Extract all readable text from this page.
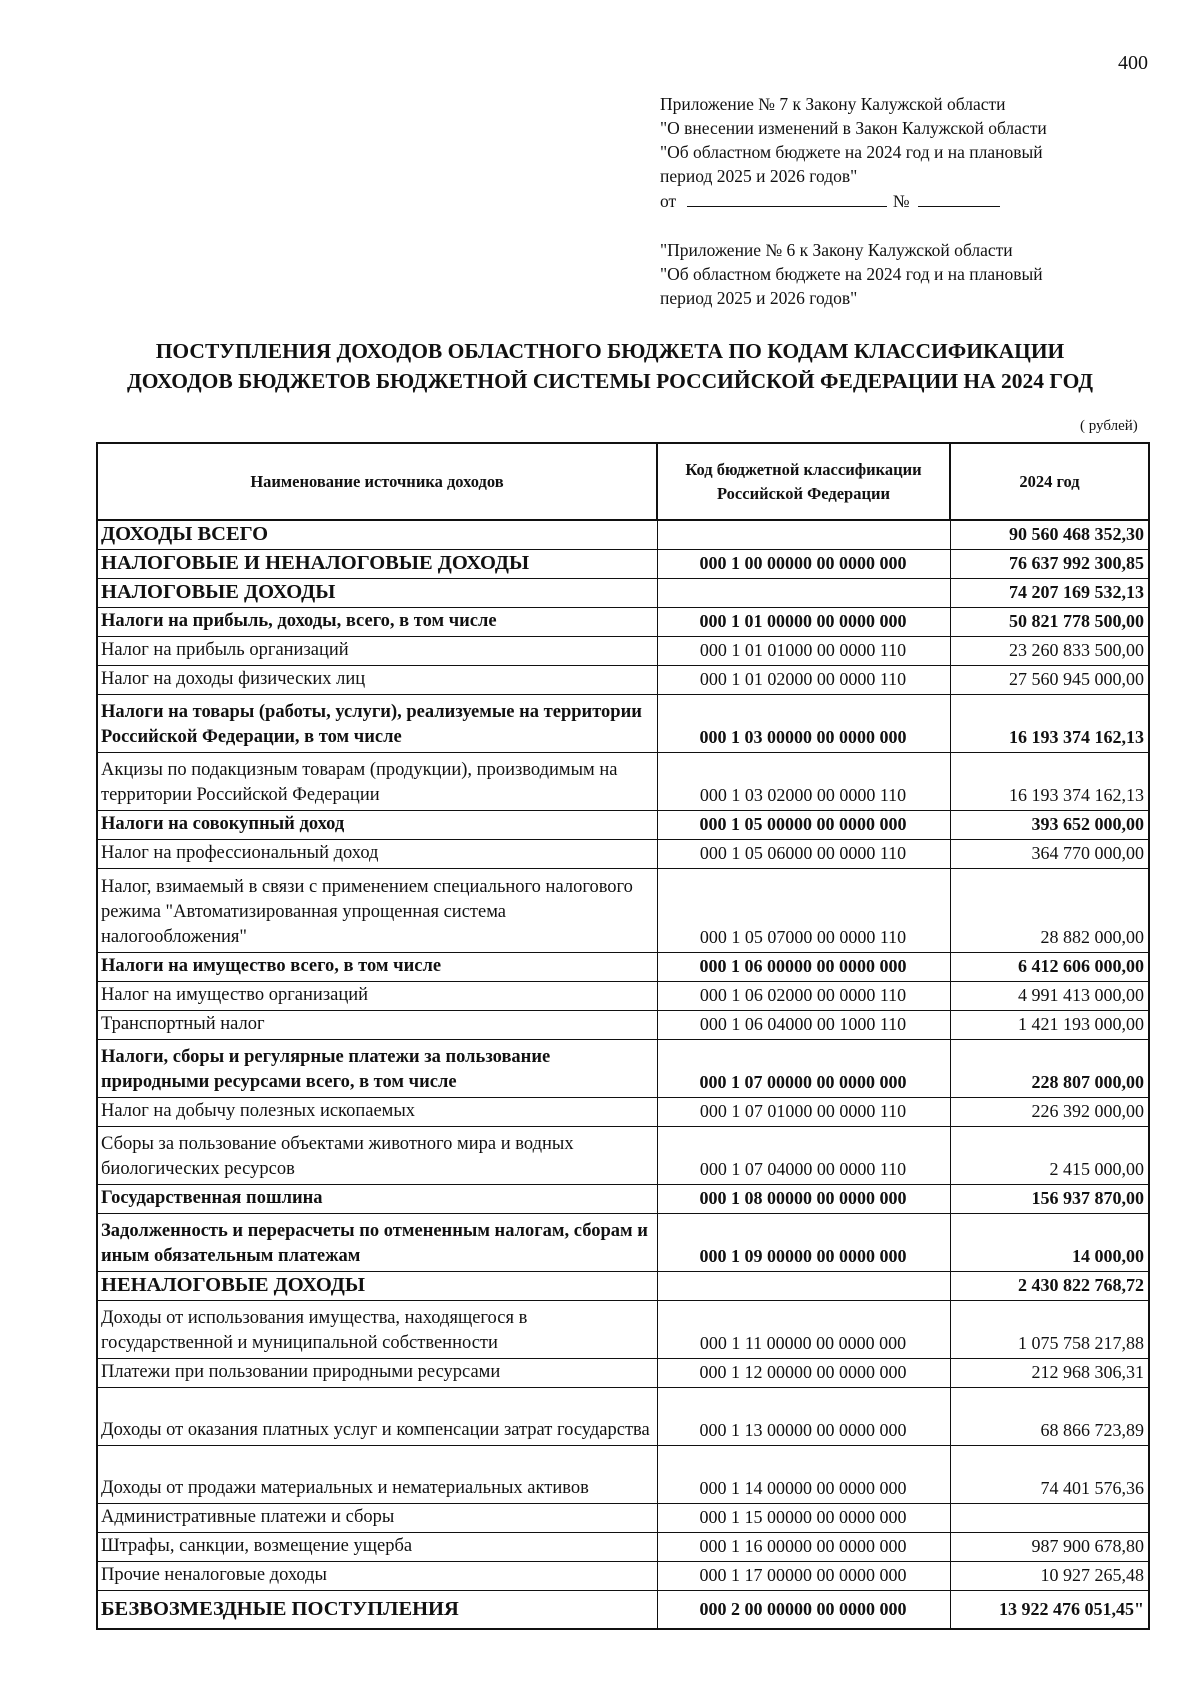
400
Приложение № 7 к Закону Калужской области
"О внесении изменений в Закон Калужской области
"Об областном бюджете на 2024 год и на плановый
период 2025 и 2026 годов"
от	№
"Приложение № 6 к Закону Калужской области
"Об областном бюджете на 2024 год и на плановый
период 2025 и 2026 годов"
ПОСТУПЛЕНИЯ ДОХОДОВ ОБЛАСТНОГО БЮДЖЕТА ПО КОДАМ КЛАССИФИКАЦИИ
ДОХОДОВ БЮДЖЕТОВ БЮДЖЕТНОЙ СИСТЕМЫ РОССИЙСКОЙ ФЕДЕРАЦИИ НА 2024 ГОД
( рублей)
Наименование источника доходов	Код бюджетной классификации Российской Федерации	2024 год
ДОХОДЫ ВСЕГО		90 560 468 352,30
НАЛОГОВЫЕ И НЕНАЛОГОВЫЕ ДОХОДЫ	000 1 00 00000 00 0000 000	76 637 992 300,85
НАЛОГОВЫЕ ДОХОДЫ		74 207 169 532,13
Налоги на прибыль, доходы, всего, в том числе	000 1 01 00000 00 0000 000	50 821 778 500,00
Налог на прибыль организаций	000 1 01 01000 00 0000 110	23 260 833 500,00
Налог на доходы физических лиц	000 1 01 02000 00 0000 110	27 560 945 000,00
Налоги на товары (работы, услуги), реализуемые на территории Российской Федерации, в том числе	000 1 03 00000 00 0000 000	16 193 374 162,13
Акцизы по подакцизным товарам (продукции), производимым на территории Российской Федерации	000 1 03 02000 00 0000 110	16 193 374 162,13
Налоги на совокупный доход	000 1 05 00000 00 0000 000	393 652 000,00
Налог на профессиональный доход	000 1 05 06000 00 0000 110	364 770 000,00
Налог, взимаемый в связи с применением специального налогового режима "Автоматизированная упрощенная система налогообложения"	000 1 05 07000 00 0000 110	28 882 000,00
Налоги на имущество всего, в том числе	000 1 06 00000 00 0000 000	6 412 606 000,00
Налог на имущество организаций	000 1 06 02000 00 0000 110	4 991 413 000,00
Транспортный налог	000 1 06 04000 00 1000 110	1 421 193 000,00
Налоги, сборы и регулярные платежи за пользование природными ресурсами всего, в том числе	000 1 07 00000 00 0000 000	228 807 000,00
Налог на добычу полезных ископаемых	000 1 07 01000 00 0000 110	226 392 000,00
Сборы за пользование объектами животного мира и водных биологических ресурсов	000 1 07 04000 00 0000 110	2 415 000,00
Государственная пошлина	000 1 08 00000 00 0000 000	156 937 870,00
Задолженность и перерасчеты по отмененным налогам, сборам и иным обязательным платежам	000 1 09 00000 00 0000 000	14 000,00
НЕНАЛОГОВЫЕ ДОХОДЫ		2 430 822 768,72
Доходы от использования имущества, находящегося в государственной и муниципальной собственности	000 1 11 00000 00 0000 000	1 075 758 217,88
Платежи при пользовании природными ресурсами	000 1 12 00000 00 0000 000	212 968 306,31
Доходы от оказания платных услуг и компенсации затрат государства	000 1 13 00000 00 0000 000	68 866 723,89
Доходы от продажи материальных и нематериальных активов	000 1 14 00000 00 0000 000	74 401 576,36
Административные платежи и сборы	000 1 15 00000 00 0000 000	
Штрафы, санкции, возмещение ущерба	000 1 16 00000 00 0000 000	987 900 678,80
Прочие неналоговые доходы	000 1 17 00000 00 0000 000	10 927 265,48
БЕЗВОЗМЕЗДНЫЕ ПОСТУПЛЕНИЯ	000 2 00 00000 00 0000 000	13 922 476 051,45"
